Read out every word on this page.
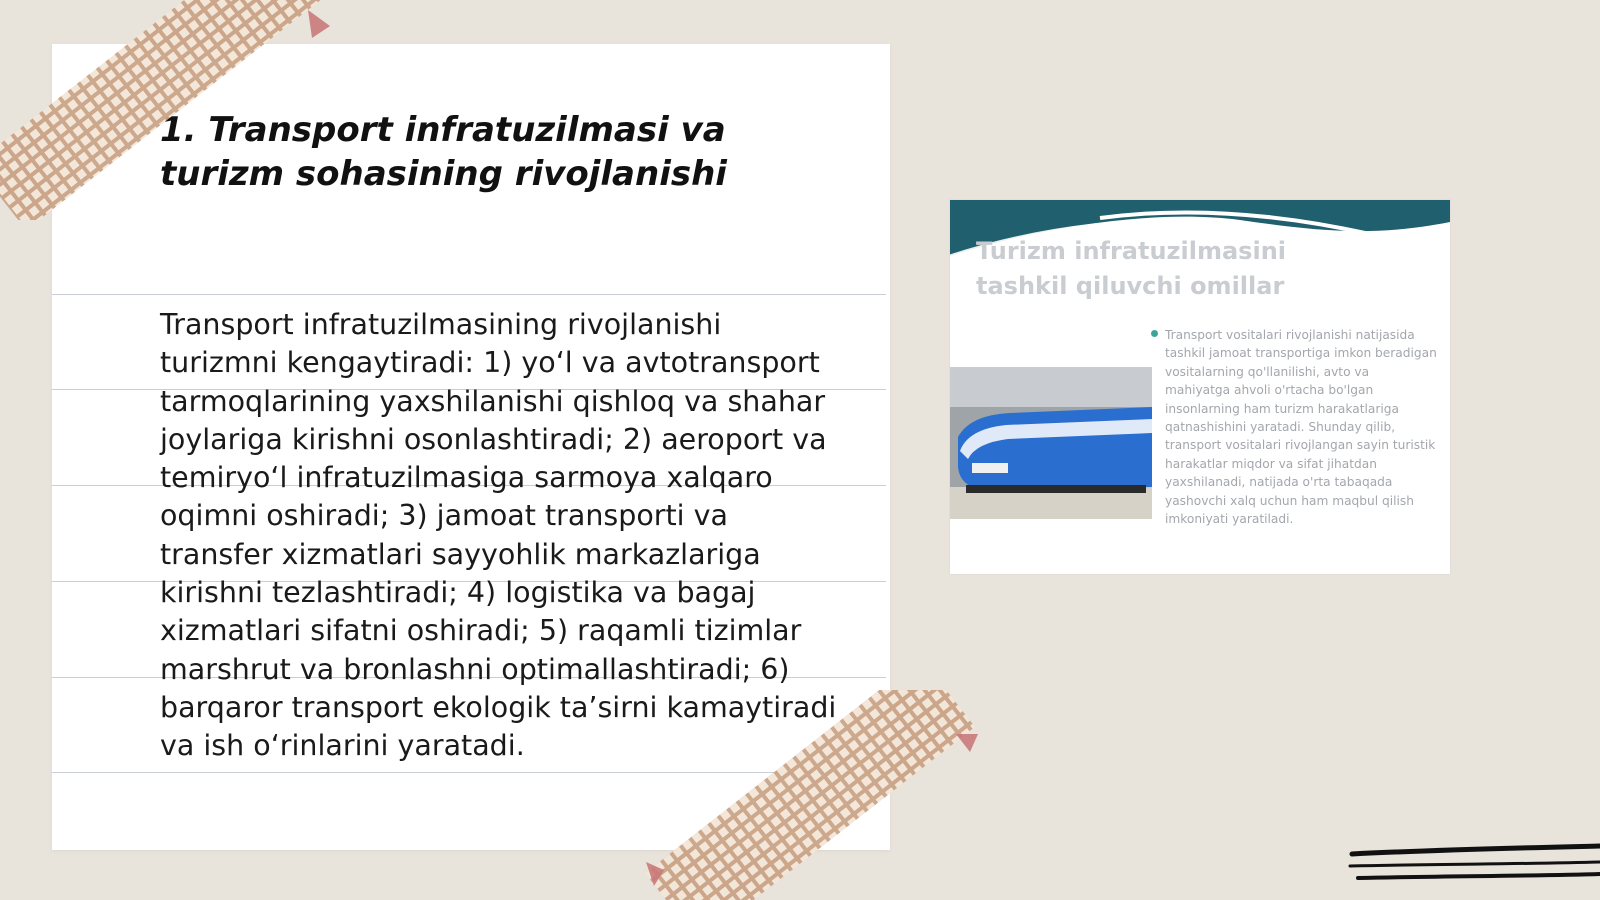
1. Transport infratuzilmasi va turizm sohasining rivojlanishi

Transport infratuzilmasining rivojlanishi turizmni kengaytiradi: 1) yo‘l va avtotransport tarmoqlarining yaxshilanishi qishloq va shahar joylariga kirishni osonlashtiradi; 2) aeroport va temiryo‘l infratuzilmasiga sarmoya xalqaro oqimni oshiradi; 3) jamoat transporti va transfer xizmatlari sayyohlik markazlariga kirishni tezlashtiradi; 4) logistika va bagaj xizmatlari sifatni oshiradi; 5) raqamli tizimlar marshrut va bronlashni optimallashtiradi; 6) barqaror transport ekologik ta’sirni kamaytiradi va ish o‘rinlarini yaratadi.

Turizm infratuzilmasini tashkil qiluvchi omillar

Transport vositalari rivojlanishi natijasida tashkil jamoat transportiga imkon beradigan vositalarning qo'llanilishi, avto va mahiyatga ahvoli o'rtacha bo'lgan insonlarning ham turizm harakatlariga qatnashishini yaratadi. Shunday qilib, transport vositalari rivojlangan sayin turistik harakatlar miqdor va sifat jihatdan yaxshilanadi, natijada o'rta tabaqada yashovchi xalq uchun ham maqbul qilish imkoniyati yaratiladi.
